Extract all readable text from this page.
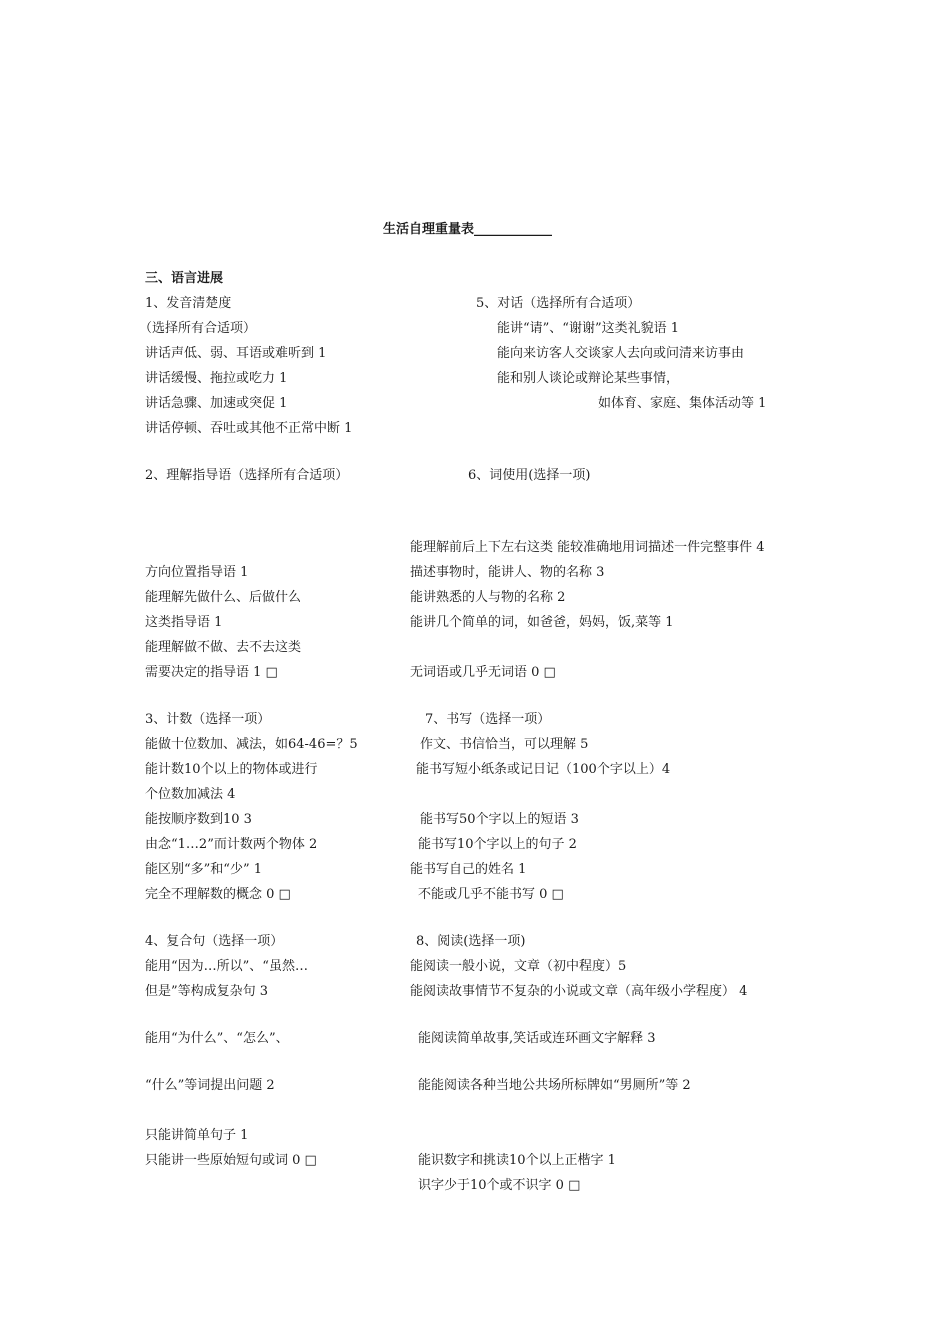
生活自理重量表____________
三、语言进展
1、发音清楚度	5、对话（选择所有合适项）
（选择所有合适项）	能讲“请”、“谢谢”这类礼貌语 1
讲话声低、弱、耳语或难听到 1	能向来访客人交谈家人去向或问清来访事由
讲话缓慢、拖拉或吃力 1	能和别人谈论或辩论某些事情，
讲话急骤、加速或突促 1	如体育、家庭、集体活动等 1
讲话停顿、吞吐或其他不正常中断 1
2、理解指导语（选择所有合适项）	6、词使用(选择一项)
能理解前后上下左右这类 能较准确地用词描述一件完整事件 4
方向位置指导语 1	描述事物时，能讲人、物的名称 3
能理解先做什么、后做什么	能讲熟悉的人与物的名称 2
这类指导语 1	能讲几个简单的词，如爸爸，妈妈，饭,菜等 1
能理解做不做、去不去这类
需要决定的指导语 1 □	无词语或几乎无词语 0 □
3、计数（选择一项）	7、书写（选择一项）
能做十位数加、减法，如64-46=？5	作文、书信恰当，可以理解 5
能计数10个以上的物体或进行	能书写短小纸条或记日记（100个字以上）4
个位数加减法 4
能按顺序数到10 3	能书写50个字以上的短语 3
由念“1…2”而计数两个物体 2	能书写10个字以上的句子 2
能区别“多”和“少” 1	能书写自己的姓名 1
完全不理解数的概念 0 □	不能或几乎不能书写 0 □
4、复合句（选择一项）	8、阅读(选择一项)
能用“因为…所以”、“虽然…	能阅读一般小说，文章（初中程度）5
但是”等构成复杂句 3	能阅读故事情节不复杂的小说或文章（高年级小学程度） 4
能用“为什么”、“怎么”、	能阅读简单故事,笑话或连环画文字解释 3
“什么”等词提出问题 2	能能阅读各种当地公共场所标牌如“男厕所”等 2
只能讲简单句子 1
只能讲一些原始短句或词 0 □	能识数字和挑读10个以上正楷字 1
识字少于10个或不识字 0 □
